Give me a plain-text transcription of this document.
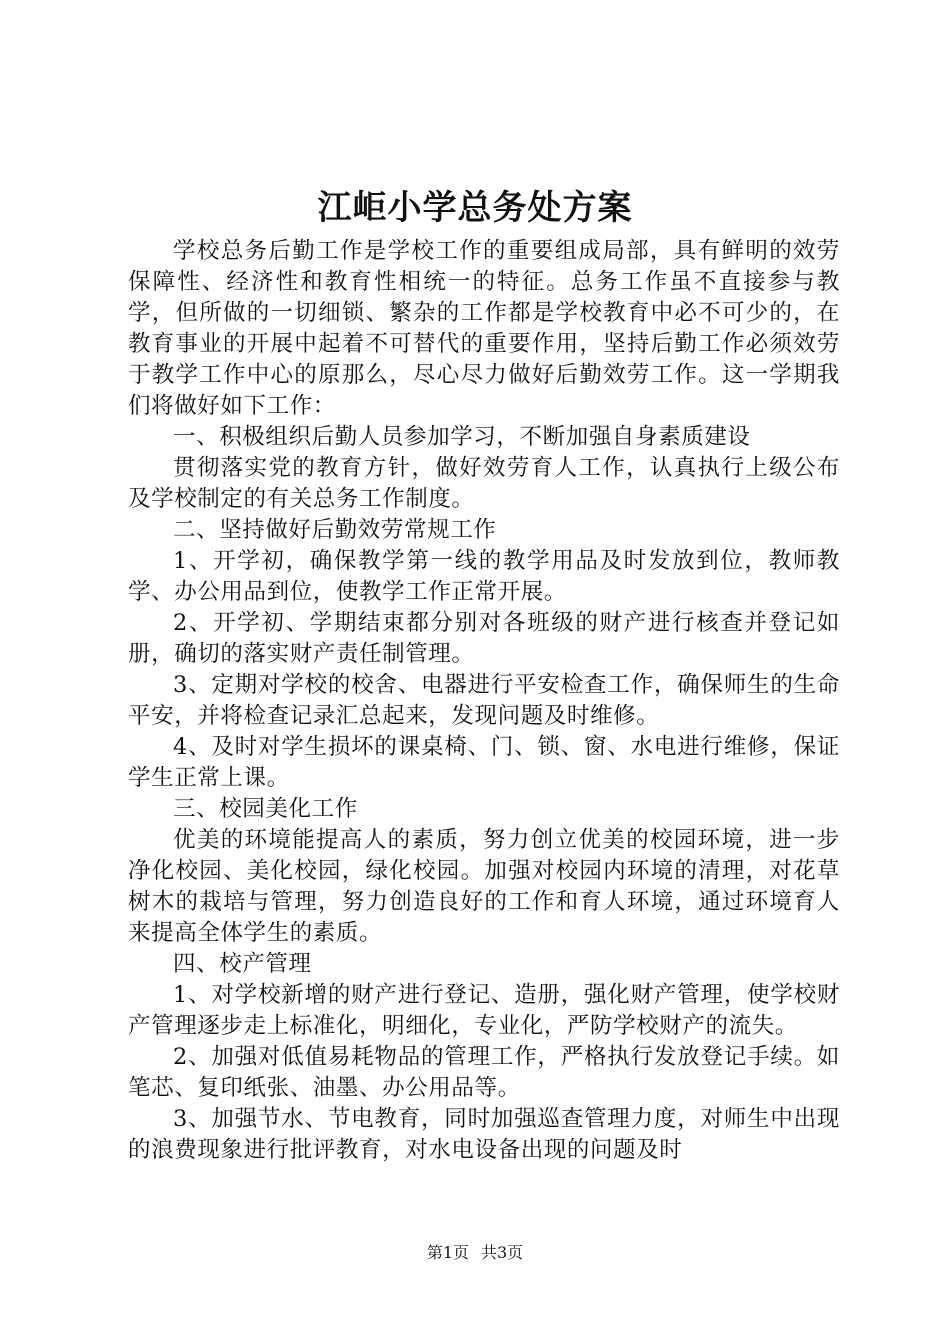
江岠小学总务处方案

学校总务后勤工作是学校工作的重要组成局部，具有鲜明的效劳保障性、经济性和教育性相统一的特征。总务工作虽不直接参与教学，但所做的一切细锁、繁杂的工作都是学校教育中必不可少的，在教育事业的开展中起着不可替代的重要作用，坚持后勤工作必须效劳于教学工作中心的原那么，尽心尽力做好后勤效劳工作。这一学期我们将做好如下工作：

一、积极组织后勤人员参加学习，不断加强自身素质建设

贯彻落实党的教育方针，做好效劳育人工作，认真执行上级公布及学校制定的有关总务工作制度。

二、坚持做好后勤效劳常规工作

1、开学初，确保教学第一线的教学用品及时发放到位，教师教学、办公用品到位，使教学工作正常开展。

2、开学初、学期结束都分别对各班级的财产进行核查并登记如册，确切的落实财产责任制管理。

3、定期对学校的校舍、电器进行平安检查工作，确保师生的生命平安，并将检查记录汇总起来，发现问题及时维修。

4、及时对学生损坏的课桌椅、门、锁、窗、水电进行维修，保证学生正常上课。

三、校园美化工作

优美的环境能提高人的素质，努力创立优美的校园环境，进一步净化校园、美化校园，绿化校园。加强对校园内环境的清理，对花草树木的栽培与管理，努力创造良好的工作和育人环境，通过环境育人来提高全体学生的素质。

四、校产管理

1、对学校新增的财产进行登记、造册，强化财产管理，使学校财产管理逐步走上标准化，明细化，专业化，严防学校财产的流失。

2、加强对低值易耗物品的管理工作，严格执行发放登记手续。如笔芯、复印纸张、油墨、办公用品等。

3、加强节水、节电教育，同时加强巡查管理力度，对师生中出现的浪费现象进行批评教育，对水电设备出现的问题及时

第1页 共3页
